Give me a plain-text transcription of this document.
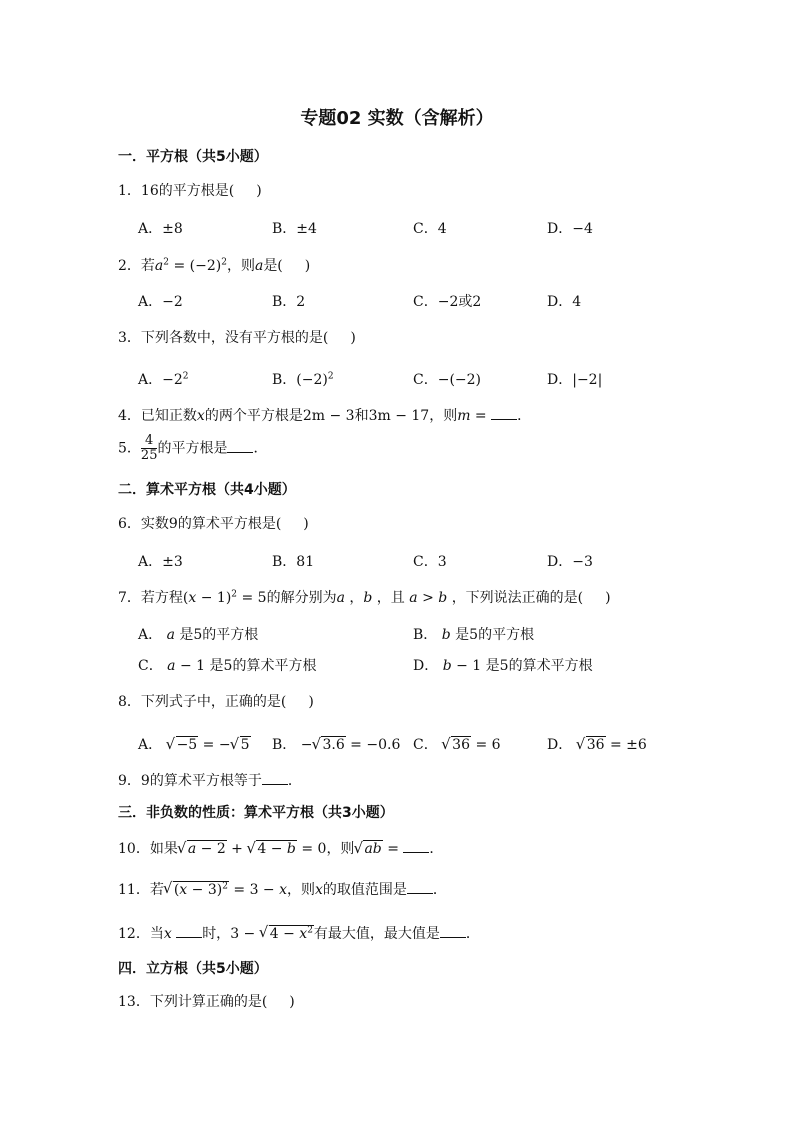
专题02 实数（含解析）
一．平方根（共5小题）
1．16的平方根是( )
A．±8	B．±4	C．4	D．−4
2．若$a^2 = (-2)^2$，则a是( )
A．−2	B．2	C．−2或2	D．4
3．下列各数中，没有平方根的是( )
A．$-2^2$	B．$(-2)^2$	C．−(−2)	D．|−2|
4．已知正数x的两个平方根是2m − 3和3m − 17，则m = ．
5． $\frac{4}{25}$ 的平方根是 ．
二．算术平方根（共4小题）
6．实数9的算术平方根是( )
A．±3	B．81	C．3	D．−3
7．若方程$(x - 1)^2 = 5$的解分别为a ，b ，且 a > b ，下列说法正确的是( )
A． a 是5的平方根	B． b 是5的平方根
C． a − 1 是5的算术平方根	D． b − 1 是5的算术平方根
8．下列式子中，正确的是( )
A． √ −5 = − √ 5 B． − √ 3.6 = −0.6 C． √ 36 = 6	D． √ 36 = ±6
9．9的算术平方根等于 ．
三．非负数的性质：算术平方根（共3小题）
10．如果 √ a − 2 + √ 4 − b = 0，则 √ ab = ．
11．若 √ $(x - 3)^2 = 3 - x$，则x的取值范围是 ．
12．当x 时，3 − √ $4 - x^2$有最大值，最大值是 ．
四．立方根（共5小题）
13．下列计算正确的是( )
